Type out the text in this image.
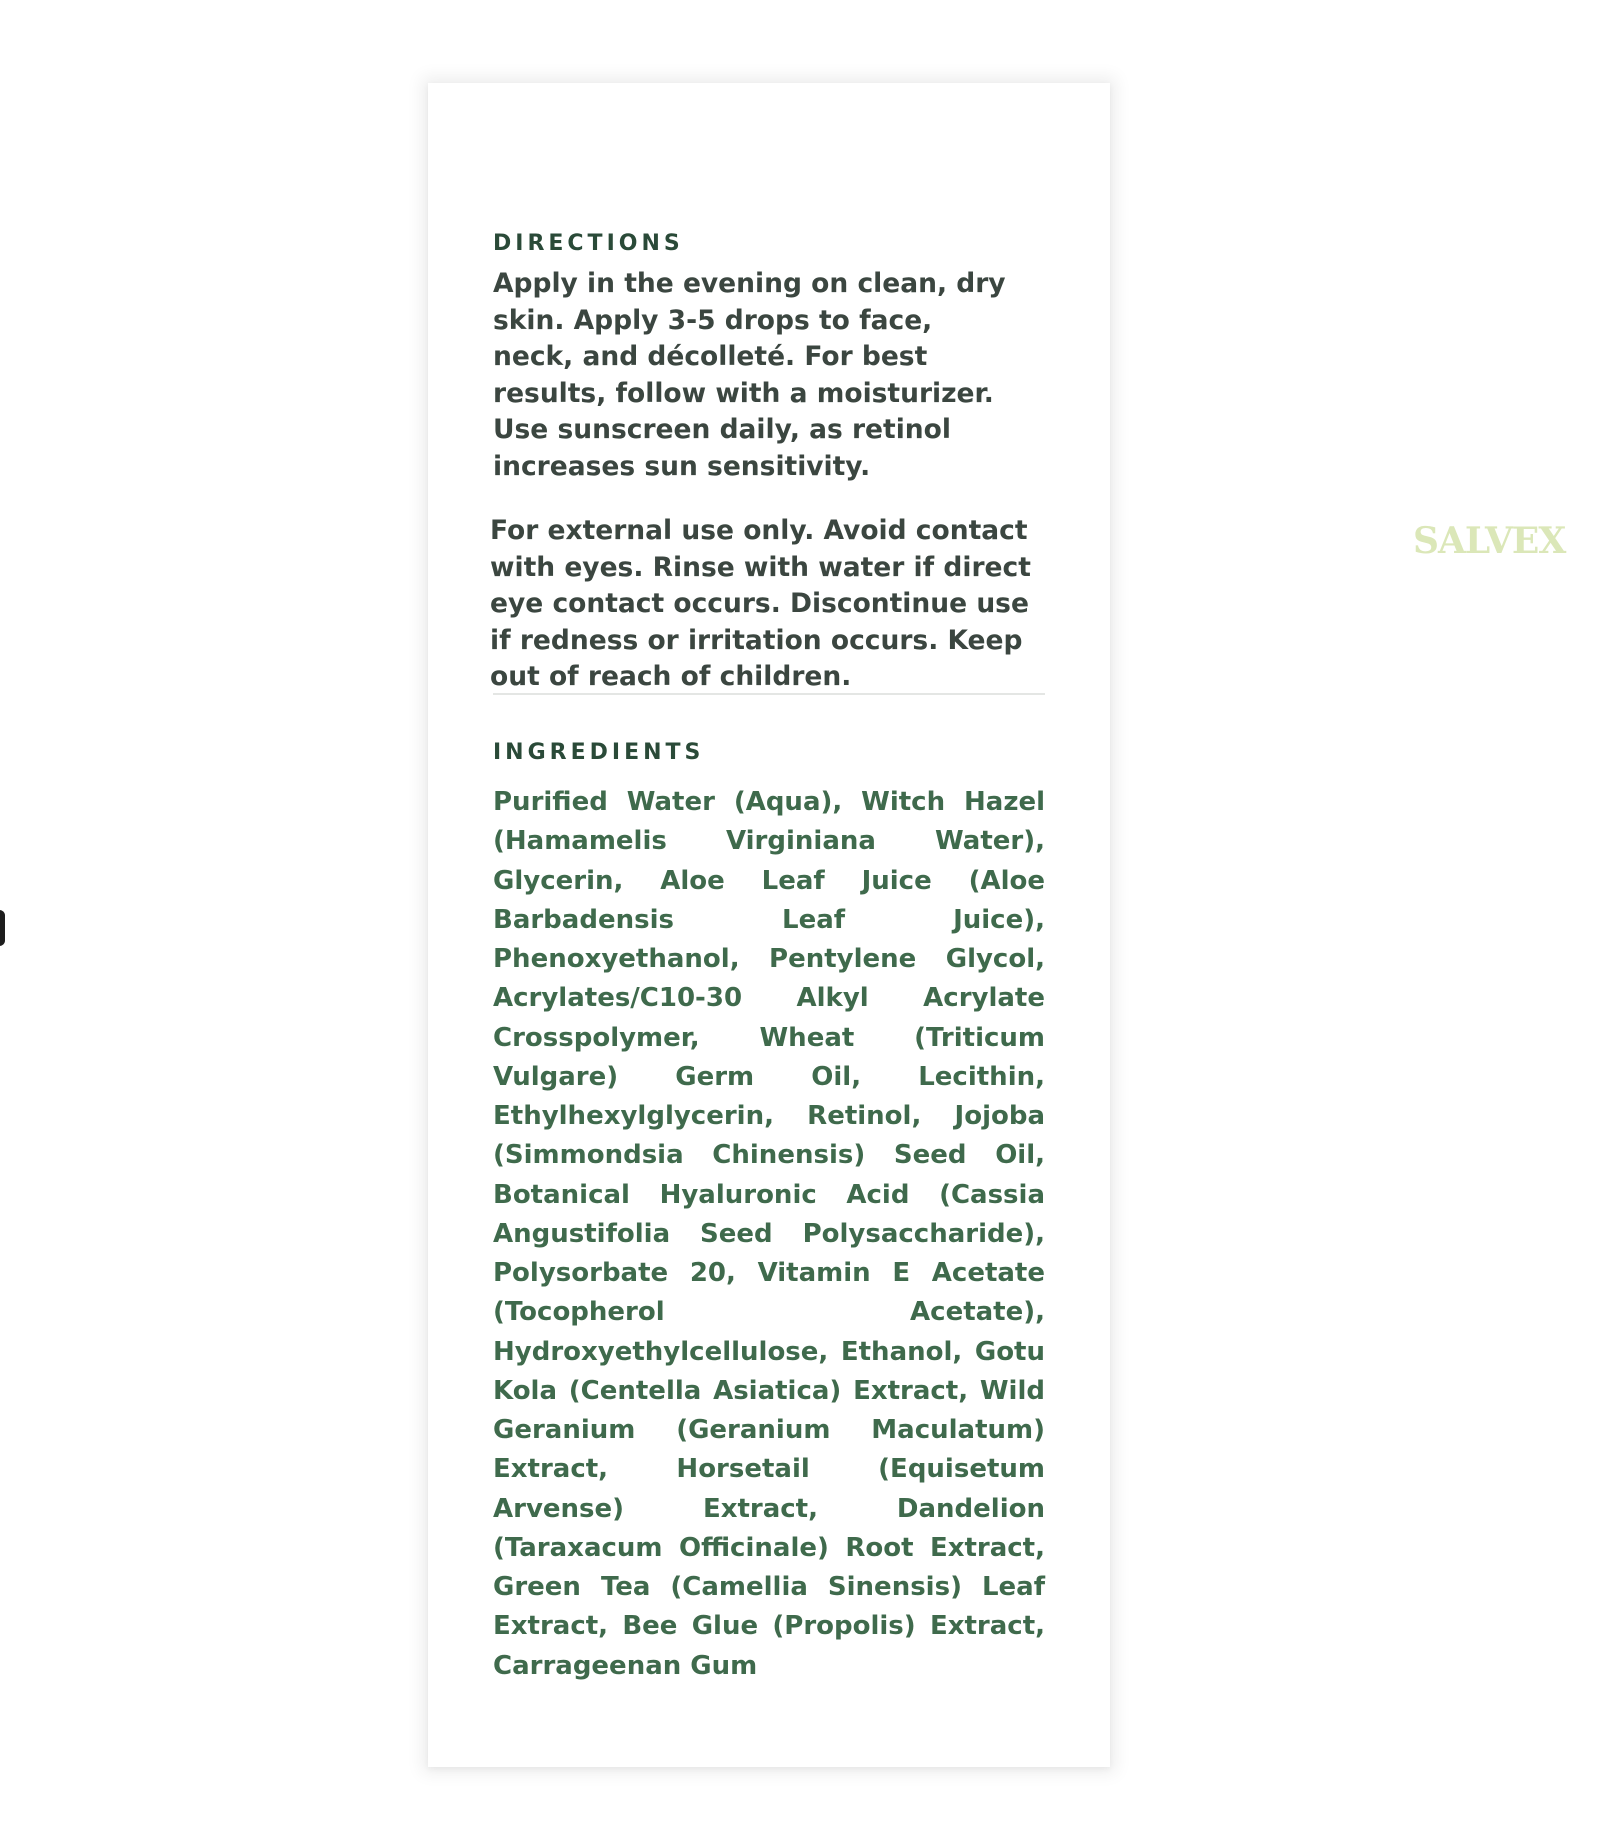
DIRECTIONS

Apply in the evening on clean, dry skin. Apply 3-5 drops to face, neck, and décolleté. For best results, follow with a moisturizer. Use sunscreen daily, as retinol increases sun sensitivity.

For external use only. Avoid contact with eyes. Rinse with water if direct eye contact occurs. Discontinue use if redness or irritation occurs. Keep out of reach of children.

INGREDIENTS

Purified Water (Aqua), Witch Hazel (Hamamelis Virginiana Water), Glycerin, Aloe Leaf Juice (Aloe Barbadensis Leaf Juice), Phenoxyethanol, Pentylene Glycol, Acrylates/C10-30 Alkyl Acrylate Crosspolymer, Wheat (Triticum Vulgare) Germ Oil, Lecithin, Ethylhexylglycerin, Retinol, Jojoba (Simmondsia Chinensis) Seed Oil, Botanical Hyaluronic Acid (Cassia Angustifolia Seed Polysaccharide), Polysorbate 20, Vitamin E Acetate (Tocopherol Acetate), Hydroxyethylcellulose, Ethanol, Gotu Kola (Centella Asiatica) Extract, Wild Geranium (Geranium Maculatum) Extract, Horsetail (Equisetum Arvense) Extract, Dandelion (Taraxacum Officinale) Root Extract, Green Tea (Camellia Sinensis) Leaf Extract, Bee Glue (Propolis) Extract, Carrageenan Gum

SALVEX
